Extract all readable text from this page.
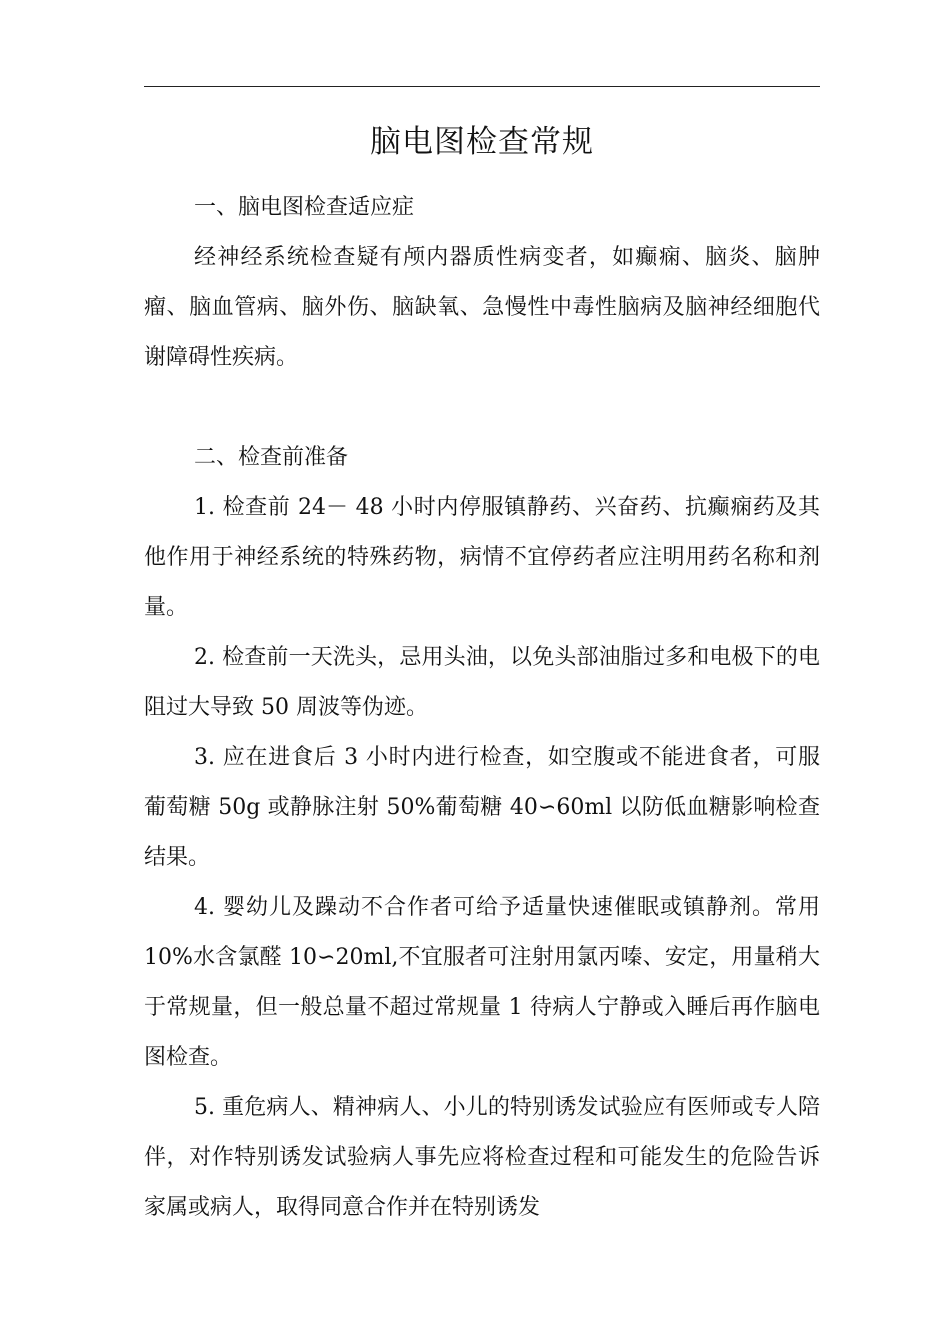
脑电图检查常规
一、脑电图检查适应症

经神经系统检查疑有颅内器质性病变者，如癫痫、脑炎、脑肿瘤、脑血管病、脑外伤、脑缺氧、急慢性中毒性脑病及脑神经细胞代谢障碍性疾病。

二、检查前准备

1. 检查前 24－ 48 小时内停服镇静药、兴奋药、抗癫痫药及其他作用于神经系统的特殊药物，病情不宜停药者应注明用药名称和剂量。

2. 检查前一天洗头，忌用头油，以免头部油脂过多和电极下的电阻过大导致 50 周波等伪迹。

3. 应在进食后 3 小时内进行检查，如空腹或不能进食者，可服葡萄糖 50g 或静脉注射 50%葡萄糖 40∽60ml 以防低血糖影响检查结果。

4. 婴幼儿及躁动不合作者可给予适量快速催眠或镇静剂。常用 10%水含氯醛 10∽20ml,不宜服者可注射用氯丙嗪、安定，用量稍大于常规量，但一般总量不超过常规量 1 待病人宁静或入睡后再作脑电图检查。

5. 重危病人、精神病人、小儿的特别诱发试验应有医师或专人陪伴，对作特别诱发试验病人事先应将检查过程和可能发生的危险告诉家属或病人，取得同意合作并在特别诱发
